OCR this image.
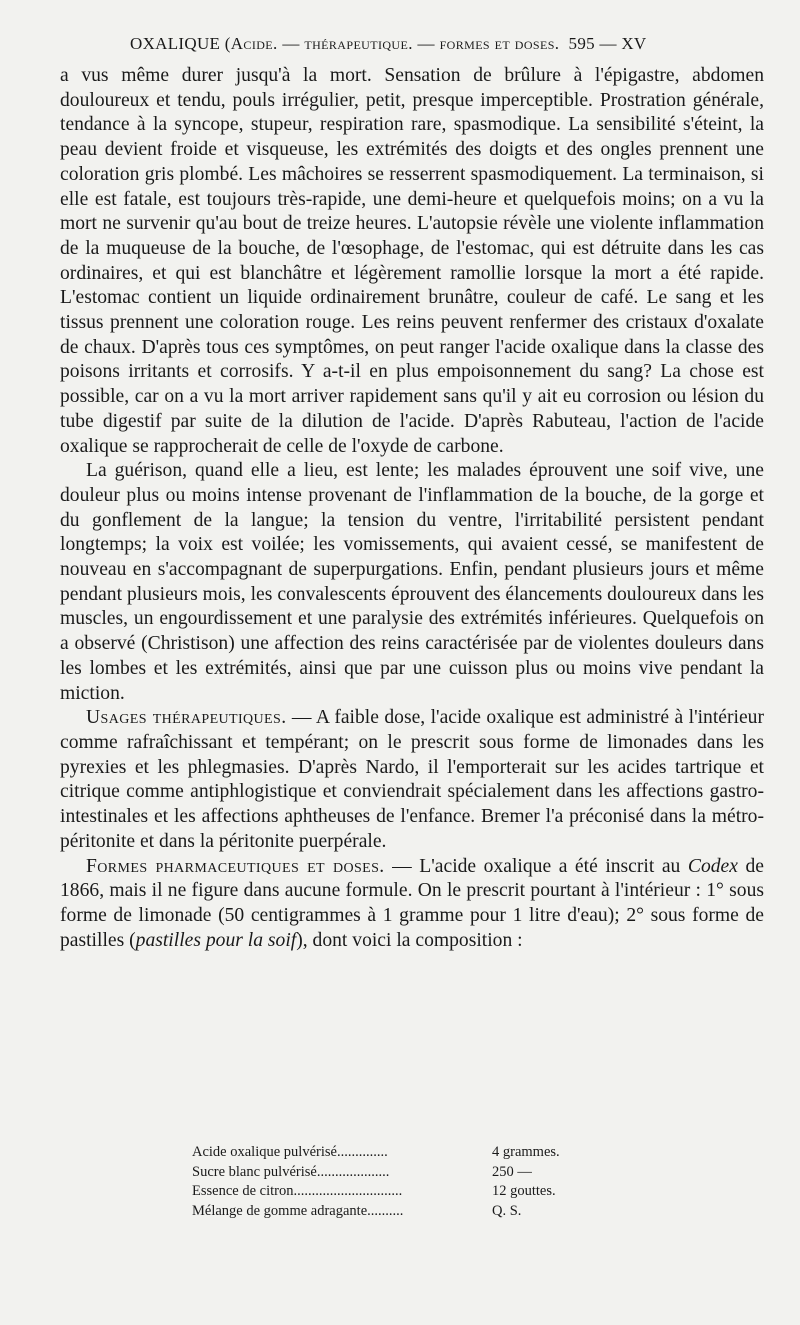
OXALIQUE (Acide. — thérapeutique. — formes et doses. 595 — XV

a vus même durer jusqu'à la mort. Sensation de brûlure à l'épigastre, abdomen douloureux et tendu, pouls irrégulier, petit, presque imperceptible. Prostration générale, tendance à la syncope, stupeur, respiration rare, spasmodique. La sensibilité s'éteint, la peau devient froide et visqueuse, les extrémités des doigts et des ongles prennent une coloration gris plombé. Les mâchoires se resserrent spasmodiquement. La terminaison, si elle est fatale, est toujours très-rapide, une demi-heure et quelquefois moins; on a vu la mort ne survenir qu'au bout de treize heures. L'autopsie révèle une violente inflammation de la muqueuse de la bouche, de l'œsophage, de l'estomac, qui est détruite dans les cas ordinaires, et qui est blanchâtre et légèrement ramollie lorsque la mort a été rapide. L'estomac contient un liquide ordinairement brunâtre, couleur de café. Le sang et les tissus prennent une coloration rouge. Les reins peuvent renfermer des cristaux d'oxalate de chaux. D'après tous ces symptômes, on peut ranger l'acide oxalique dans la classe des poisons irritants et corrosifs. Y a-t-il en plus empoisonnement du sang? La chose est possible, car on a vu la mort arriver rapidement sans qu'il y ait eu corrosion ou lésion du tube digestif par suite de la dilution de l'acide. D'après Rabuteau, l'action de l'acide oxalique se rapprocherait de celle de l'oxyde de carbone.

La guérison, quand elle a lieu, est lente; les malades éprouvent une soif vive, une douleur plus ou moins intense provenant de l'inflammation de la bouche, de la gorge et du gonflement de la langue; la tension du ventre, l'irritabilité persistent pendant longtemps; la voix est voilée; les vomissements, qui avaient cessé, se manifestent de nouveau en s'accompagnant de superpurgations. Enfin, pendant plusieurs jours et même pendant plusieurs mois, les convalescents éprouvent des élancements douloureux dans les muscles, un engourdissement et une paralysie des extrémités inférieures. Quelquefois on a observé (Christison) une affection des reins caractérisée par de violentes douleurs dans les lombes et les extrémités, ainsi que par une cuisson plus ou moins vive pendant la miction.

Usages thérapeutiques. — A faible dose, l'acide oxalique est administré à l'intérieur comme rafraîchissant et tempérant; on le prescrit sous forme de limonades dans les pyrexies et les phlegmasies. D'après Nardo, il l'emporterait sur les acides tartrique et citrique comme antiphlogistique et conviendrait spécialement dans les affections gastro-intestinales et les affections aphtheuses de l'enfance. Bremer l'a préconisé dans la métro-péritonite et dans la péritonite puerpérale.

Formes pharmaceutiques et doses. — L'acide oxalique a été inscrit au Codex de 1866, mais il ne figure dans aucune formule. On le prescrit pourtant à l'intérieur : 1° sous forme de limonade (50 centigrammes à 1 gramme pour 1 litre d'eau); 2° sous forme de pastilles (pastilles pour la soif), dont voici la composition :

Acide oxalique pulvérisé..............	4 grammes.
Sucre blanc pulvérisé....................	250 —
Essence de citron..............................	12 gouttes.
Mélange de gomme adragante..........	Q. S.
